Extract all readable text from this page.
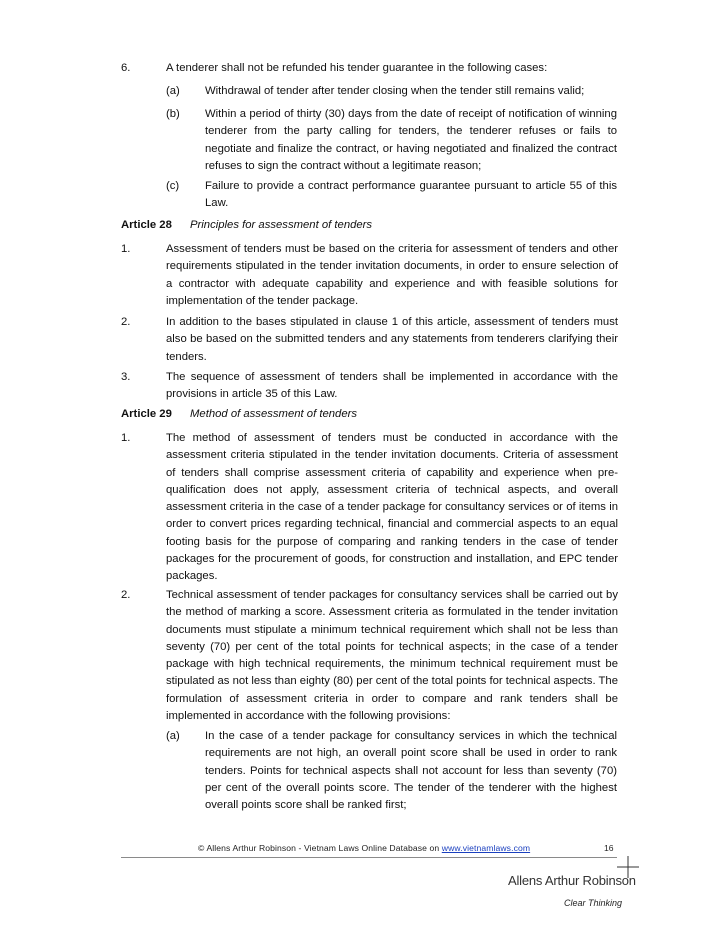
6.	A tenderer shall not be refunded his tender guarantee in the following cases:
(a) Withdrawal of tender after tender closing when the tender still remains valid;
(b) Within a period of thirty (30) days from the date of receipt of notification of winning tenderer from the party calling for tenders, the tenderer refuses or fails to negotiate and finalize the contract, or having negotiated and finalized the contract refuses to sign the contract without a legitimate reason;
(c) Failure to provide a contract performance guarantee pursuant to article 55 of this Law.
Article 28 Principles for assessment of tenders
1.	Assessment of tenders must be based on the criteria for assessment of tenders and other requirements stipulated in the tender invitation documents, in order to ensure selection of a contractor with adequate capability and experience and with feasible solutions for implementation of the tender package.
2.	In addition to the bases stipulated in clause 1 of this article, assessment of tenders must also be based on the submitted tenders and any statements from tenderers clarifying their tenders.
3.	The sequence of assessment of tenders shall be implemented in accordance with the provisions in article 35 of this Law.
Article 29 Method of assessment of tenders
1.	The method of assessment of tenders must be conducted in accordance with the assessment criteria stipulated in the tender invitation documents. Criteria of assessment of tenders shall comprise assessment criteria of capability and experience when pre-qualification does not apply, assessment criteria of technical aspects, and overall assessment criteria in the case of a tender package for consultancy services or of items in order to convert prices regarding technical, financial and commercial aspects to an equal footing basis for the purpose of comparing and ranking tenders in the case of tender packages for the procurement of goods, for construction and installation, and EPC tender packages.
2.	Technical assessment of tender packages for consultancy services shall be carried out by the method of marking a score. Assessment criteria as formulated in the tender invitation documents must stipulate a minimum technical requirement which shall not be less than seventy (70) per cent of the total points for technical aspects; in the case of a tender package with high technical requirements, the minimum technical requirement must be stipulated as not less than eighty (80) per cent of the total points for technical aspects. The formulation of assessment criteria in order to compare and rank tenders shall be implemented in accordance with the following provisions:
(a) In the case of a tender package for consultancy services in which the technical requirements are not high, an overall point score shall be used in order to rank tenders. Points for technical aspects shall not account for less than seventy (70) per cent of the overall points score. The tender of the tenderer with the highest overall points score shall be ranked first;
© Allens Arthur Robinson - Vietnam Laws Online Database on www.vietnamlaws.com	16
Allens Arthur Robinson
Clear Thinking
